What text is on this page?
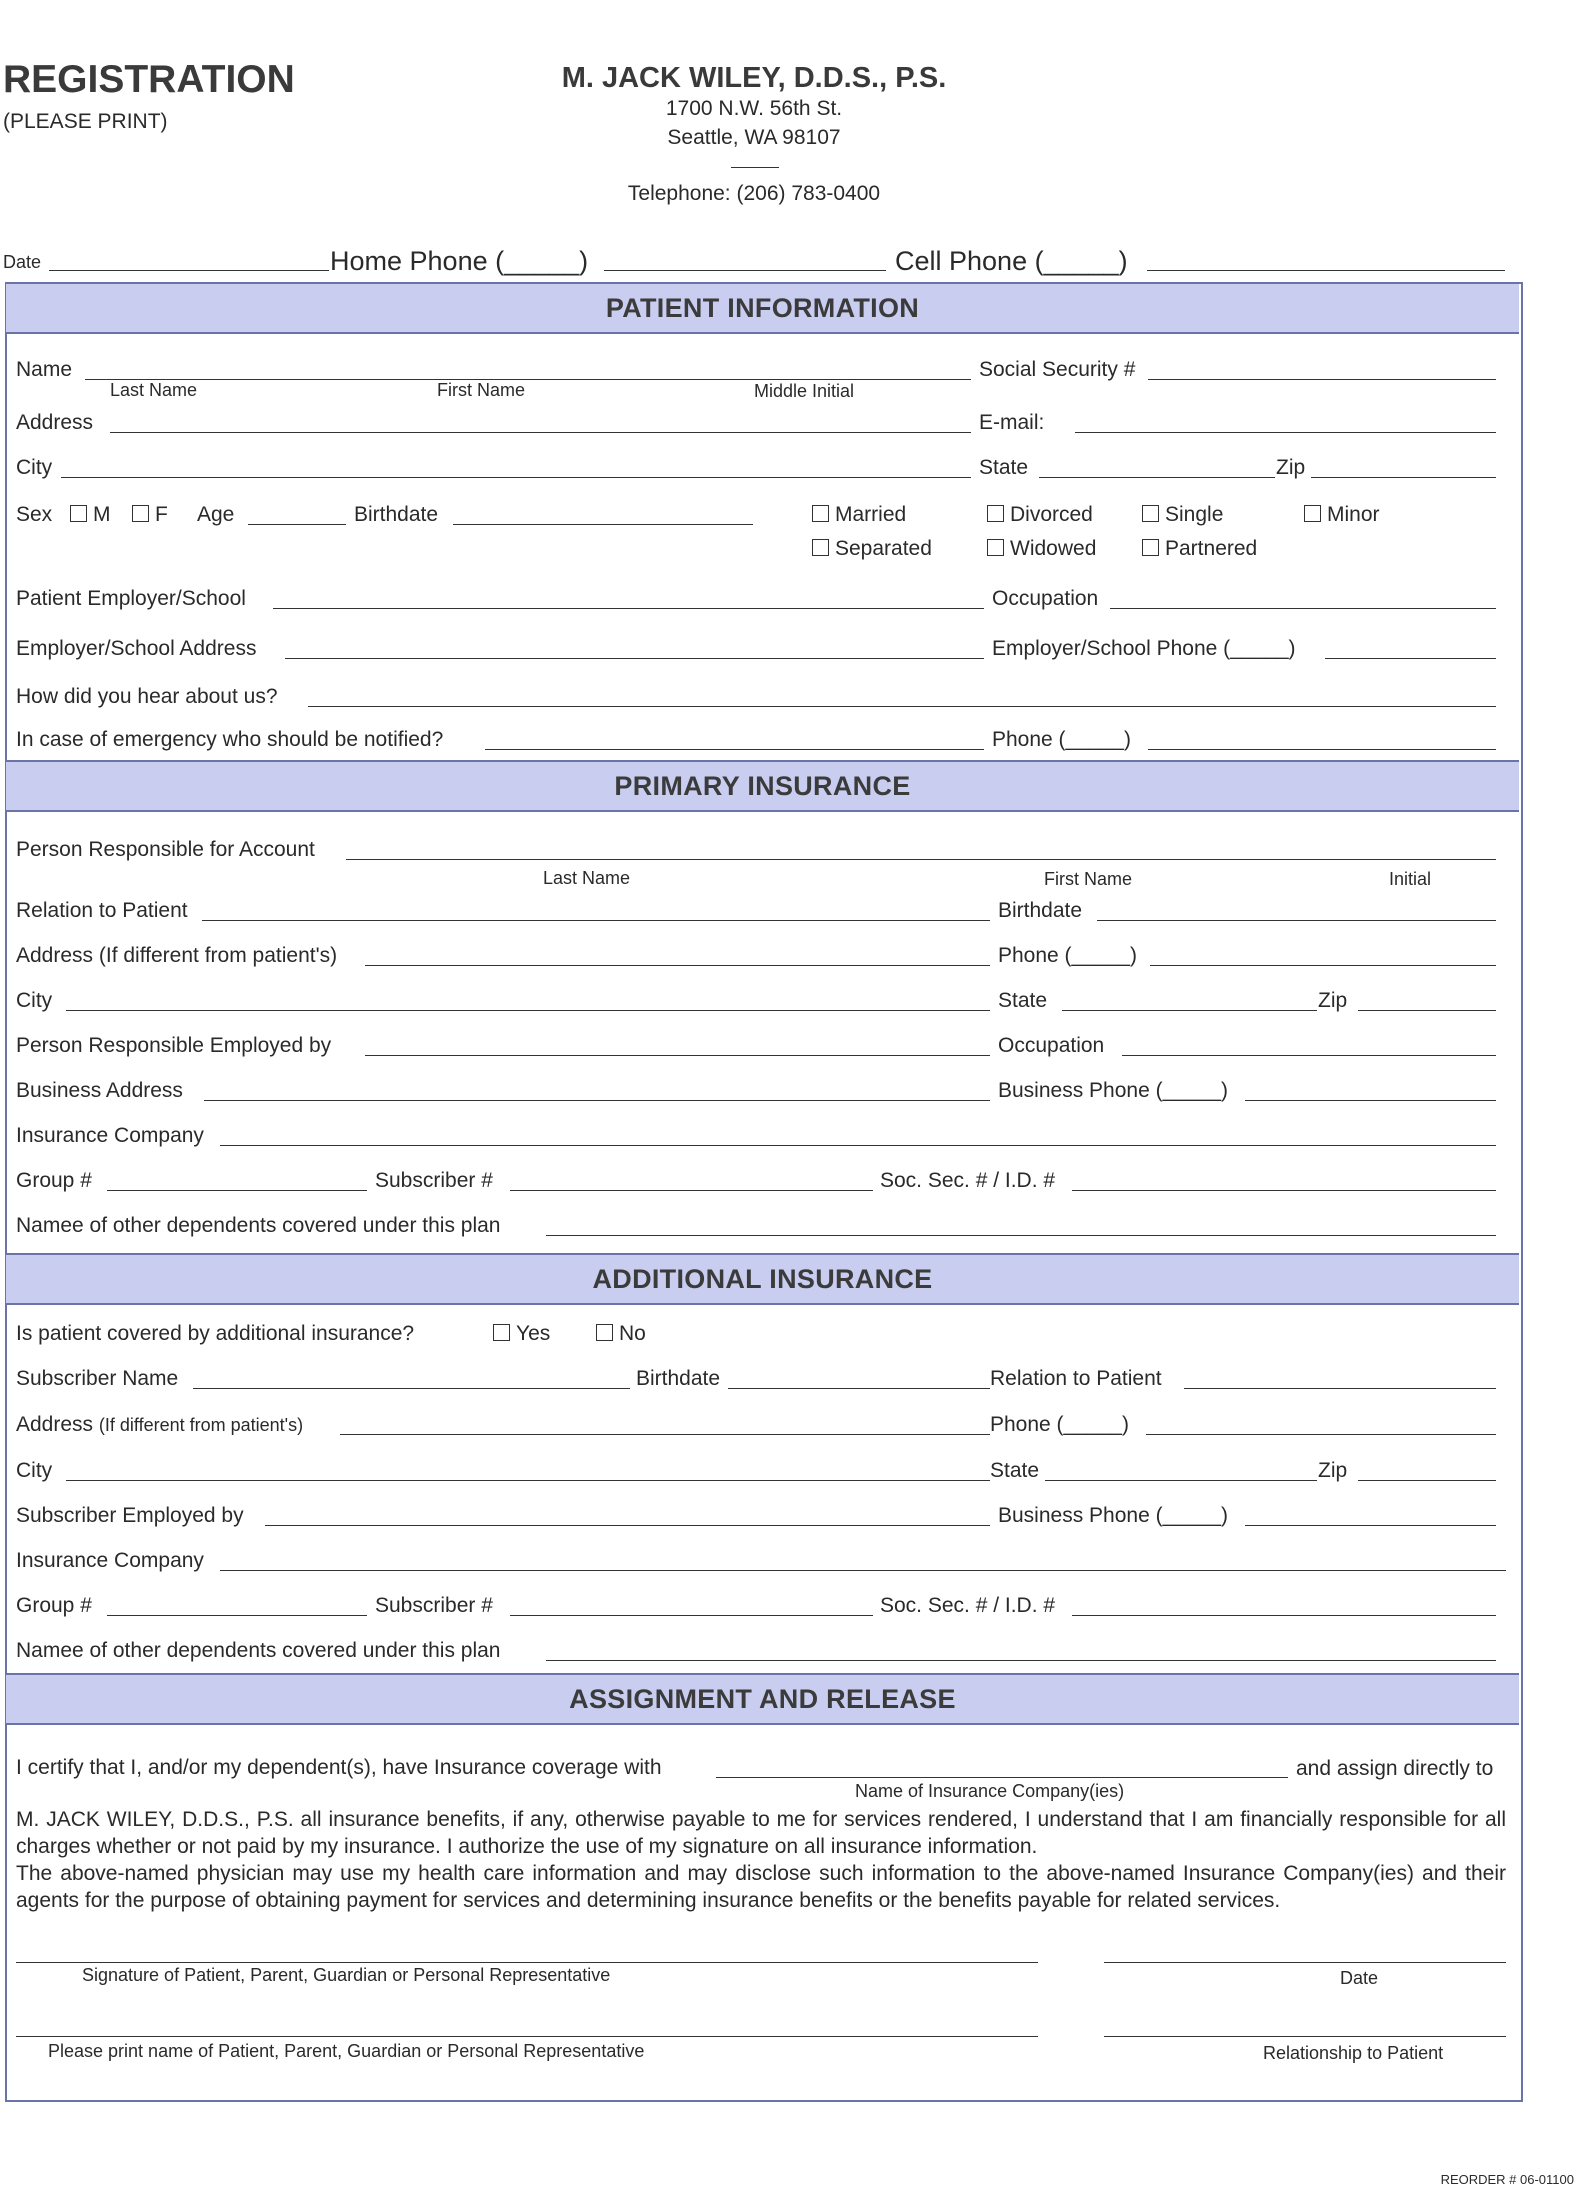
REGISTRATION
(PLEASE PRINT)
M. JACK WILEY, D.D.S., P.S.
1700 N.W. 56th St.
Seattle, WA 98107
Telephone: (206) 783-0400
Date	Home Phone (_____)	Cell Phone (_____)
PATIENT INFORMATION
PRIMARY INSURANCE
ADDITIONAL INSURANCE
ASSIGNMENT AND RELEASE
Name
Last Name	First Name	Middle Initial
Social Security #
Address	E-mail:
City	State	Zip
Sex	M	F Age	Birthdate	Married	Divorced	Single	Minor
Separated	Widowed	Partnered
Patient Employer/School	Occupation
Employer/School Address	Employer/School Phone (_____)
How did you hear about us?
In case of emergency who should be notified?	Phone (_____)
Person Responsible for Account
Last Name	First Name	Initial
Relation to Patient	Birthdate
Address (If different from patient's)	Phone (_____)
City	State	Zip
Person Responsible Employed by	Occupation
Business Address	Business Phone (_____)
Insurance Company
Group #	Subscriber #	Soc. Sec. # / I.D. #
Namee of other dependents covered under this plan
Is patient covered by additional insurance?	Yes	No
Subscriber Name	Birthdate	Relation to Patient
Address (If different from patient's)	Phone (_____)
City	State	Zip
Subscriber Employed by	Business Phone (_____)
Insurance Company
Group #	Subscriber #	Soc. Sec. # / I.D. #
Namee of other dependents covered under this plan
I certify that I, and/or my dependent(s), have Insurance coverage with	and assign directly to
Name of Insurance Company(ies)
M. JACK WILEY, D.D.S., P.S. all insurance benefits, if any, otherwise payable to me for services rendered, I understand that I am financially responsible for all charges whether or not paid by my insurance. I authorize the use of my signature on all insurance information.
The above-named physician may use my health care information and may disclose such information to the above-named Insurance Company(ies) and their agents for the purpose of obtaining payment for services and determining insurance benefits or the benefits payable for related services.
Signature of Patient, Parent, Guardian or Personal Representative	Date
Please print name of Patient, Parent, Guardian or Personal Representative	Relationship to Patient
REORDER # 06-01100
